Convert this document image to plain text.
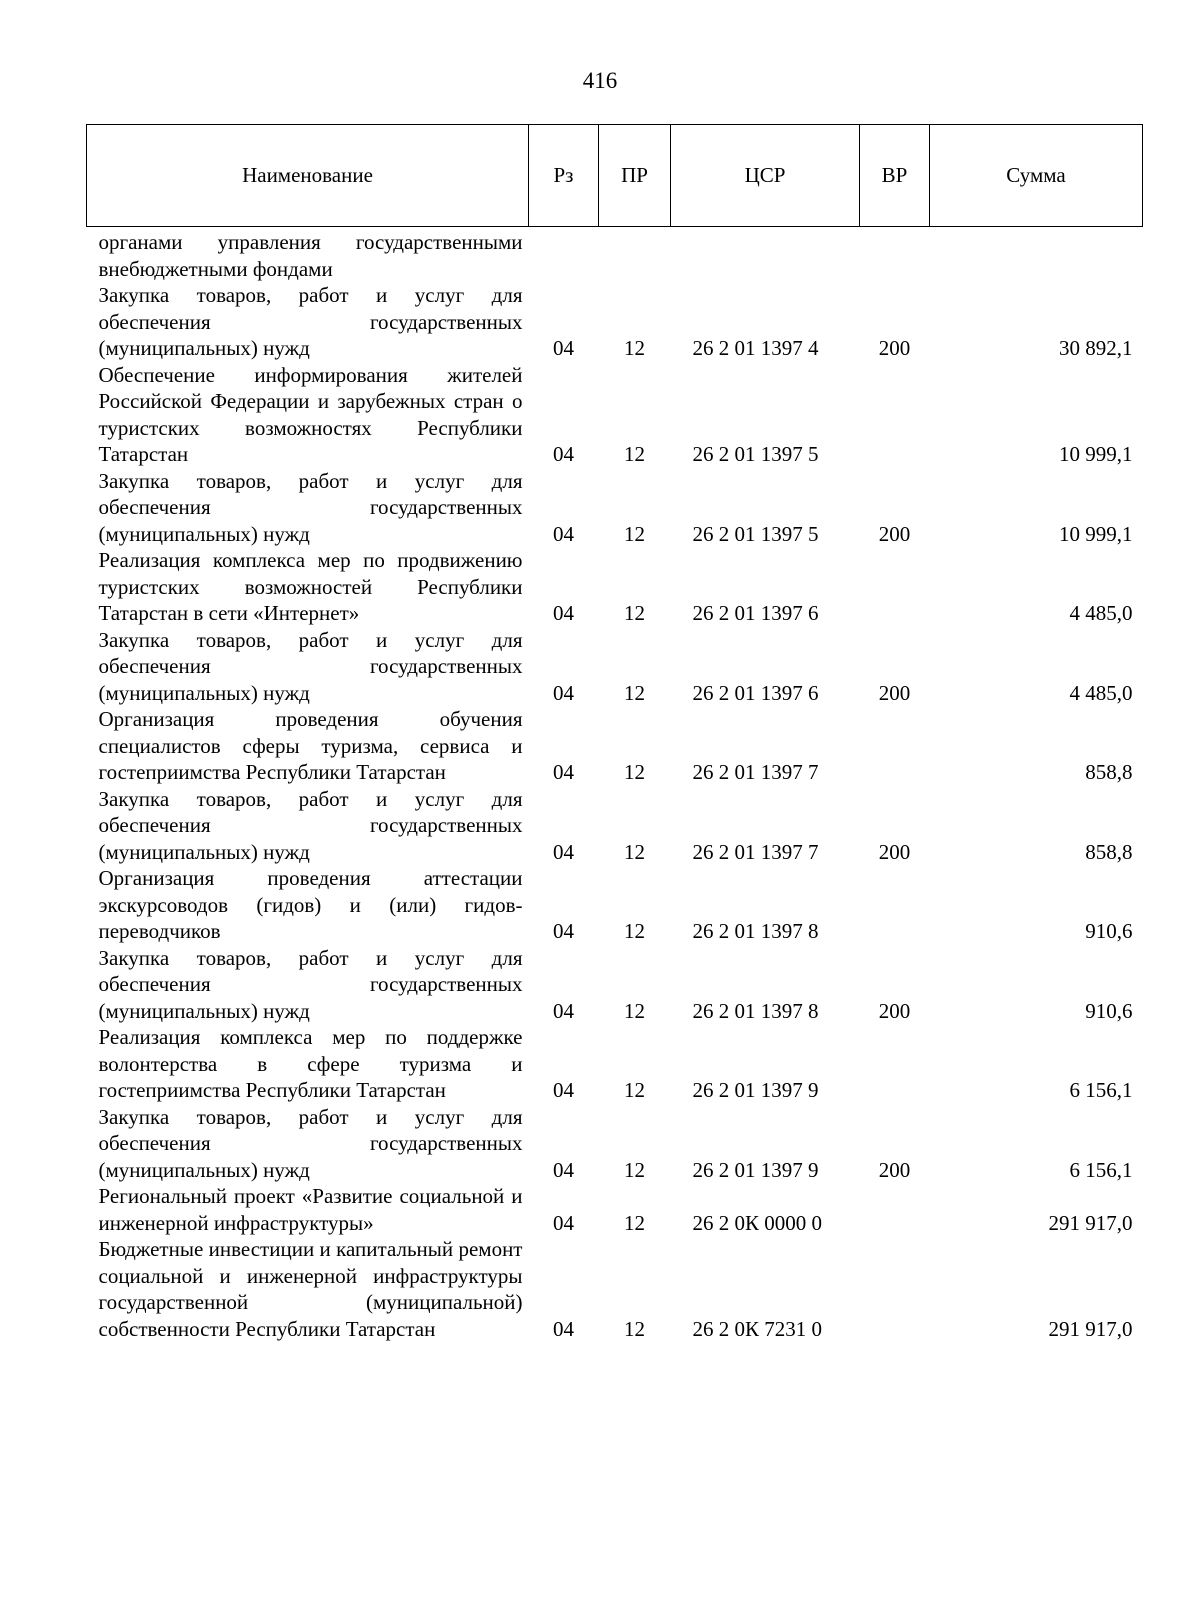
416
Наименование	Рз	ПР	ЦСР	ВР	Сумма
органами управления государственными внебюджетными фондами					
Закупка товаров, работ и услуг для обеспечения государственных (муниципальных) нужд	04	12	26 2 01 1397 4	200	30 892,1
Обеспечение информирования жителей Российской Федерации и зарубежных стран о туристских возможностях Республики Татарстан	04	12	26 2 01 1397 5		10 999,1
Закупка товаров, работ и услуг для обеспечения государственных (муниципальных) нужд	04	12	26 2 01 1397 5	200	10 999,1
Реализация комплекса мер по продвижению туристских возможностей Республики Татарстан в сети «Интернет»	04	12	26 2 01 1397 6		4 485,0
Закупка товаров, работ и услуг для обеспечения государственных (муниципальных) нужд	04	12	26 2 01 1397 6	200	4 485,0
Организация проведения обучения специалистов сферы туризма, сервиса и гостеприимства Республики Татарстан	04	12	26 2 01 1397 7		858,8
Закупка товаров, работ и услуг для обеспечения государственных (муниципальных) нужд	04	12	26 2 01 1397 7	200	858,8
Организация проведения аттестации экскурсоводов (гидов) и (или) гидов-переводчиков	04	12	26 2 01 1397 8		910,6
Закупка товаров, работ и услуг для обеспечения государственных (муниципальных) нужд	04	12	26 2 01 1397 8	200	910,6
Реализация комплекса мер по поддержке волонтерства в сфере туризма и гостеприимства Республики Татарстан	04	12	26 2 01 1397 9		6 156,1
Закупка товаров, работ и услуг для обеспечения государственных (муниципальных) нужд	04	12	26 2 01 1397 9	200	6 156,1
Региональный проект «Развитие социальной и инженерной инфраструктуры»	04	12	26 2 0К 0000 0		291 917,0
Бюджетные инвестиции и капитальный ремонт социальной и инженерной инфраструктуры государственной (муниципальной) собственности Республики Татарстан	04	12	26 2 0К 7231 0		291 917,0
